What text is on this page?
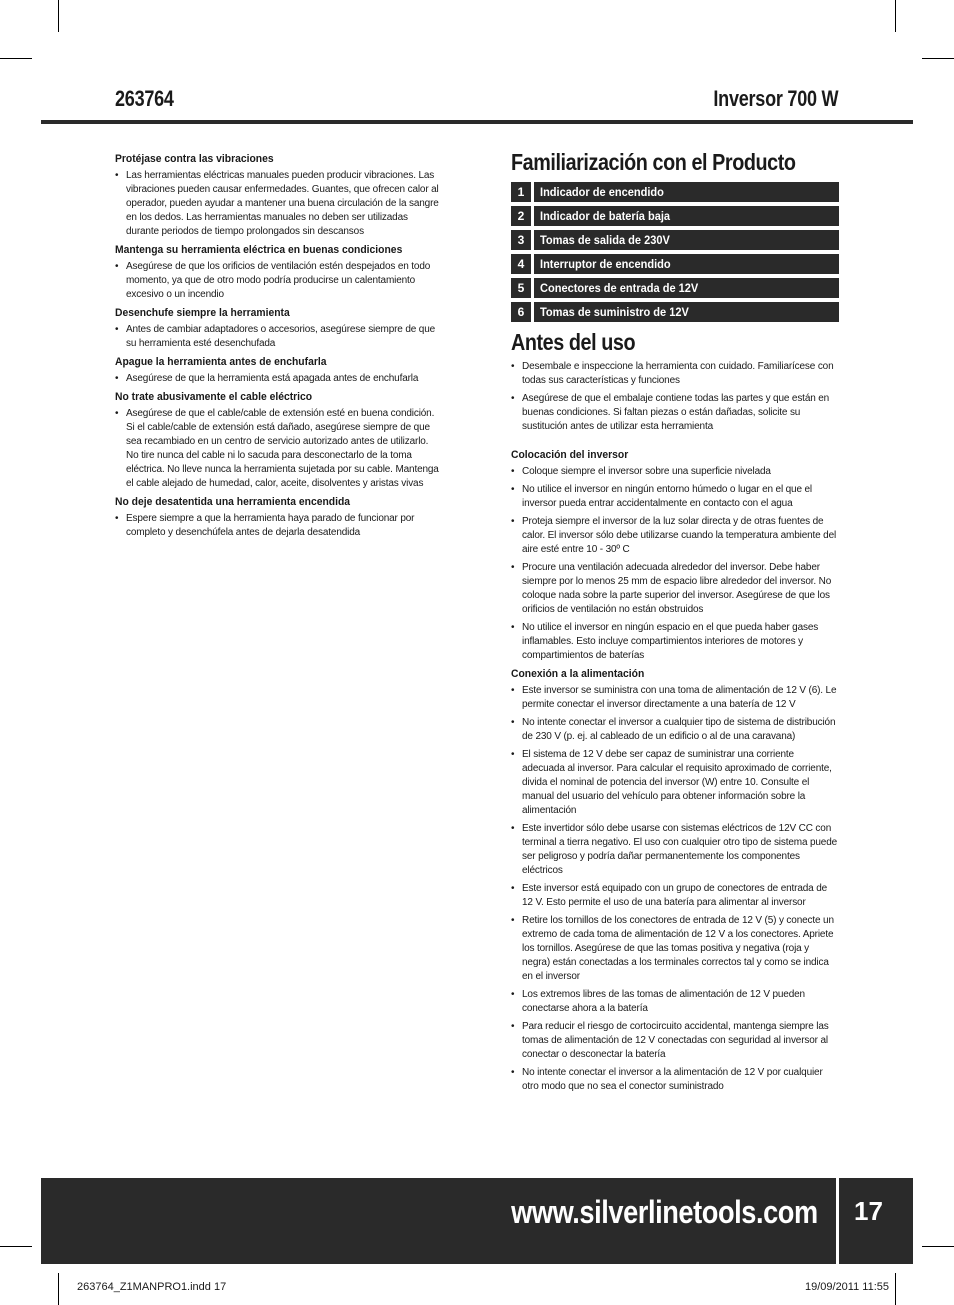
263764	Inversor 700 W
Protéjase contra las vibraciones
• Las herramientas eléctricas manuales pueden producir vibraciones. Las vibraciones pueden causar enfermedades. Guantes, que ofrecen calor al operador, pueden ayudar a mantener una buena circulación de la sangre en los dedos. Las herramientas manuales no deben ser utilizadas durante periodos de tiempo prolongados sin descansos
Mantenga su herramienta eléctrica en buenas condiciones
• Asegúrese de que los orificios de ventilación estén despejados en todo momento, ya que de otro modo podría producirse un calentamiento excesivo o un incendio
Desenchufe siempre la herramienta
• Antes de cambiar adaptadores o accesorios, asegúrese siempre de que su herramienta esté desenchufada
Apague la herramienta antes de enchufarla
• Asegúrese de que la herramienta está apagada antes de enchufarla
No trate abusivamente el cable eléctrico
• Asegúrese de que el cable/cable de extensión esté en buena condición. Si el cable/cable de extensión está dañado, asegúrese siempre de que sea recambiado en un centro de servicio autorizado antes de utilizarlo. No tire nunca del cable ni lo sacuda para desconectarlo de la toma eléctrica. No lleve nunca la herramienta sujetada por su cable. Mantenga el cable alejado de humedad, calor, aceite, disolventes y aristas vivas
No deje desatentida una herramienta encendida
• Espere siempre a que la herramienta haya parado de funcionar por completo y desenchúfela antes de dejarla desatendida
Familiarización con el Producto
1	Indicador de encendido
2	Indicador de batería baja
3	Tomas de salida de 230V
4	Interruptor de encendido
5	Conectores de entrada de 12V
6	Tomas de suministro de 12V
Antes del uso
• Desembale e inspeccione la herramienta con cuidado. Familiarícese con todas sus características y funciones
• Asegúrese de que el embalaje contiene todas las partes y que están en buenas condiciones. Si faltan piezas o están dañadas, solicite su sustitución antes de utilizar esta herramienta
Colocación del inversor
• Coloque siempre el inversor sobre una superficie nivelada
• No utilice el inversor en ningún entorno húmedo o lugar en el que el inversor pueda entrar accidentalmente en contacto con el agua
• Proteja siempre el inversor de la luz solar directa y de otras fuentes de calor. El inversor sólo debe utilizarse cuando la temperatura ambiente del aire esté entre 10 - 30º C
• Procure una ventilación adecuada alrededor del inversor. Debe haber siempre por lo menos 25 mm de espacio libre alrededor del inversor. No coloque nada sobre la parte superior del inversor. Asegúrese de que los orificios de ventilación no están obstruidos
• No utilice el inversor en ningún espacio en el que pueda haber gases inflamables. Esto incluye compartimientos interiores de motores y compartimientos de baterías
Conexión a la alimentación
• Este inversor se suministra con una toma de alimentación de 12 V (6). Le permite conectar el inversor directamente a una batería de 12 V
• No intente conectar el inversor a cualquier tipo de sistema de distribución de 230 V (p. ej. al cableado de un edificio o al de una caravana)
• El sistema de 12 V debe ser capaz de suministrar una corriente adecuada al inversor. Para calcular el requisito aproximado de corriente, divida el nominal de potencia del inversor (W) entre 10. Consulte el manual del usuario del vehículo para obtener información sobre la alimentación
• Este invertidor sólo debe usarse con sistemas eléctricos de 12V CC con terminal a tierra negativo. El uso con cualquier otro tipo de sistema puede ser peligroso y podría dañar permanentemente los componentes eléctricos
• Este inversor está equipado con un grupo de conectores de entrada de 12 V. Esto permite el uso de una batería para alimentar al inversor
• Retire los tornillos de los conectores de entrada de 12 V (5) y conecte un extremo de cada toma de alimentación de 12 V a los conectores. Apriete los tornillos. Asegúrese de que las tomas positiva y negativa (roja y negra) están conectadas a los terminales correctos tal y como se indica en el inversor
• Los extremos libres de las tomas de alimentación de 12 V pueden conectarse ahora a la batería
• Para reducir el riesgo de cortocircuito accidental, mantenga siempre las tomas de alimentación de 12 V conectadas con seguridad al inversor al conectar o desconectar la batería
• No intente conectar el inversor a la alimentación de 12 V por cualquier otro modo que no sea el conector suministrado
www.silverlinetools.com 17
263764_Z1MANPRO1.indd 17	19/09/2011 11:55
